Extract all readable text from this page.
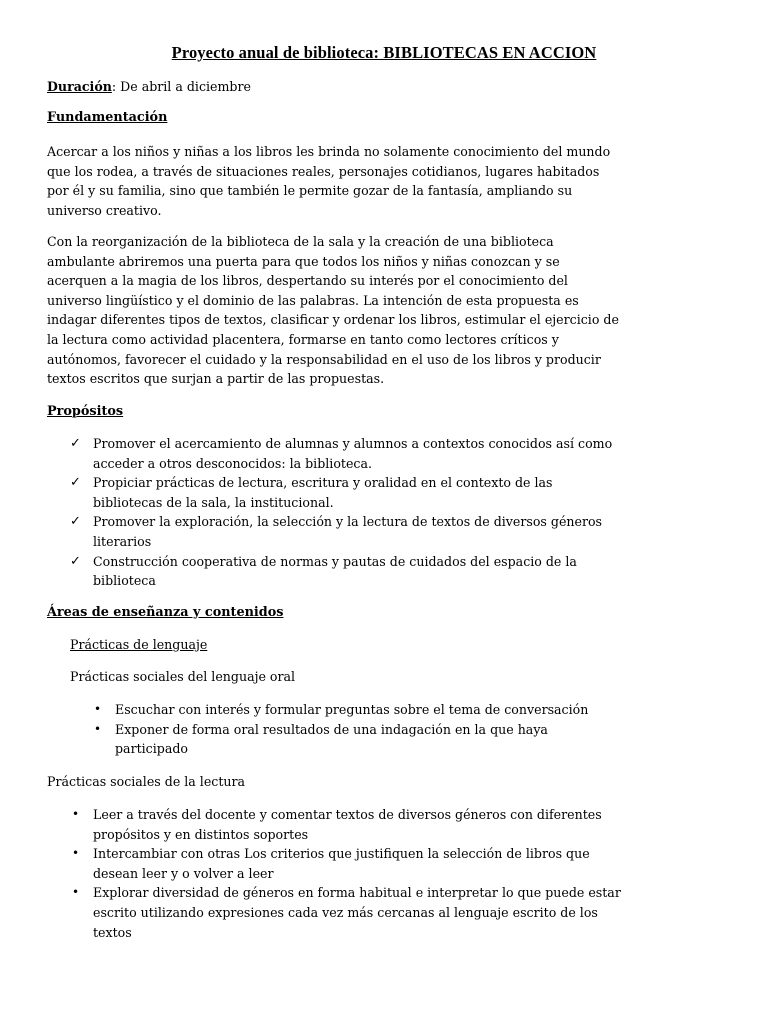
Proyecto anual de biblioteca: BIBLIOTECAS EN ACCION
Duración: De abril a diciembre
Fundamentación
Acercar a los niños y niñas a los libros les brinda no solamente conocimiento del mundo
que los rodea, a través de situaciones reales, personajes cotidianos, lugares habitados
por él y su familia, sino que también le permite gozar de la fantasía, ampliando su
universo creativo.
Con la reorganización de la biblioteca de la sala y la creación de una biblioteca
ambulante abriremos una puerta para que todos los niños y niñas conozcan y se
acerquen a la magia de los libros, despertando su interés por el conocimiento del
universo lingüístico y el dominio de las palabras. La intención de esta propuesta es
indagar diferentes tipos de textos, clasificar y ordenar los libros, estimular el ejercicio de
la lectura como actividad placentera, formarse en tanto como lectores críticos y
autónomos, favorecer el cuidado y la responsabilidad en el uso de los libros y producir
textos escritos que surjan a partir de las propuestas.
Propósitos
✓ Promover el acercamiento de alumnas y alumnos a contextos conocidos así como
acceder a otros desconocidos: la biblioteca.
✓ Propiciar prácticas de lectura, escritura y oralidad en el contexto de las
bibliotecas de la sala, la institucional.
✓ Promover la exploración, la selección y la lectura de textos de diversos géneros
literarios
✓ Construcción cooperativa de normas y pautas de cuidados del espacio de la
biblioteca
Áreas de enseñanza y contenidos
Prácticas de lenguaje
Prácticas sociales del lenguaje oral
• Escuchar con interés y formular preguntas sobre el tema de conversación
• Exponer de forma oral resultados de una indagación en la que haya
participado
Prácticas sociales de la lectura
• Leer a través del docente y comentar textos de diversos géneros con diferentes
propósitos y en distintos soportes
• Intercambiar con otras Los criterios que justifiquen la selección de libros que
desean leer y o volver a leer
• Explorar diversidad de géneros en forma habitual e interpretar lo que puede estar
escrito utilizando expresiones cada vez más cercanas al lenguaje escrito de los
textos
